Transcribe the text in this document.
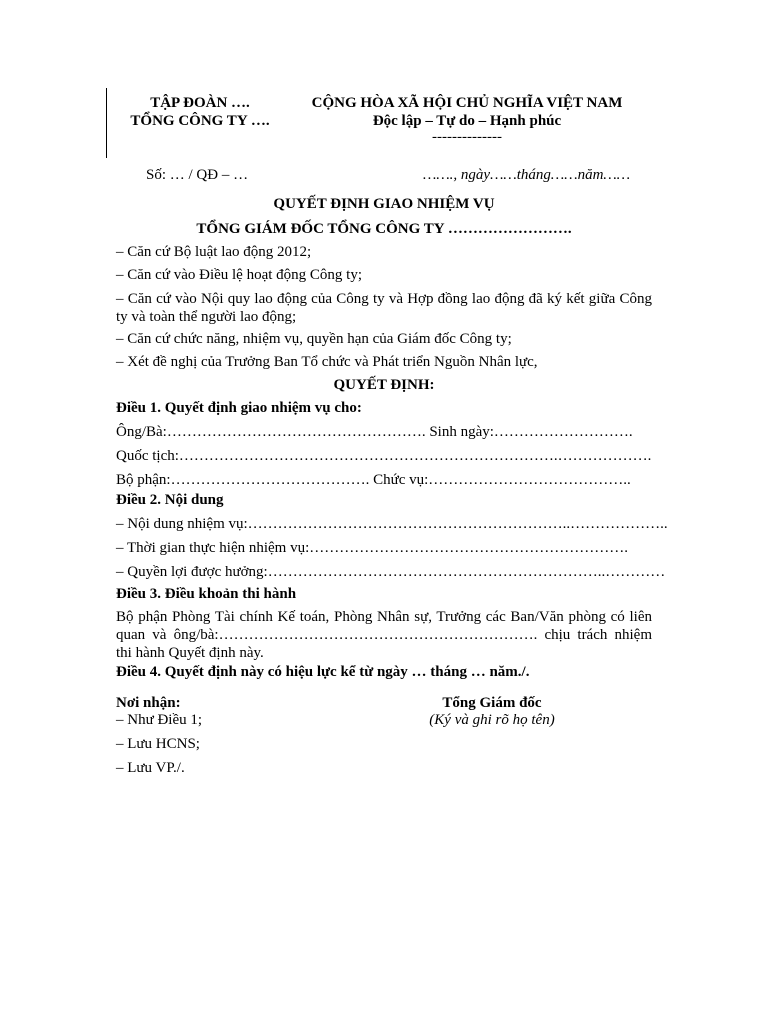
TẬP ĐOÀN ….
TỔNG CÔNG TY ….
CỘNG HÒA XÃ HỘI CHỦ NGHĨA VIỆT NAM
Độc lập – Tự do – Hạnh phúc
--------------
Số: … / QĐ – …	……., ngày……tháng……năm……
QUYẾT ĐỊNH GIAO NHIỆM VỤ
TỔNG GIÁM ĐỐC TỔNG CÔNG TY …………………….
– Căn cứ Bộ luật lao động 2012;
– Căn cứ vào Điều lệ hoạt động Công ty;
– Căn cứ vào Nội quy lao động của Công ty và Hợp đồng lao động đã ký kết giữa Công ty và toàn thể người lao động;
– Căn cứ chức năng, nhiệm vụ, quyền hạn của Giám đốc Công ty;
– Xét đề nghị của Trưởng Ban Tổ chức và Phát triển Nguồn Nhân lực,
QUYẾT ĐỊNH:
Điều 1. Quyết định giao nhiệm vụ cho:
Ông/Bà:……………………………………………. Sinh ngày:……………………….
Quốc tịch:………………………………………………………………….……………….
Bộ phận:…………………………………. Chức vụ:…………………………………..
Điều 2. Nội dung
– Nội dung nhiệm vụ:………………………………………………………..………………..
– Thời gian thực hiện nhiệm vụ:……………………………………………………….
– Quyền lợi được hưởng:…………………………………………………………..…………
Điều 3. Điều khoản thi hành
Bộ phận Phòng Tài chính Kế toán, Phòng Nhân sự, Trưởng các Ban/Văn phòng có liên quan và ông/bà:………………………………………………………. chịu trách nhiệm thi hành Quyết định này.
Điều 4. Quyết định này có hiệu lực kể từ ngày … tháng … năm./.
Nơi nhận:
– Như Điều 1;
– Lưu HCNS;
– Lưu VP./.
Tổng Giám đốc
(Ký và ghi rõ họ tên)
